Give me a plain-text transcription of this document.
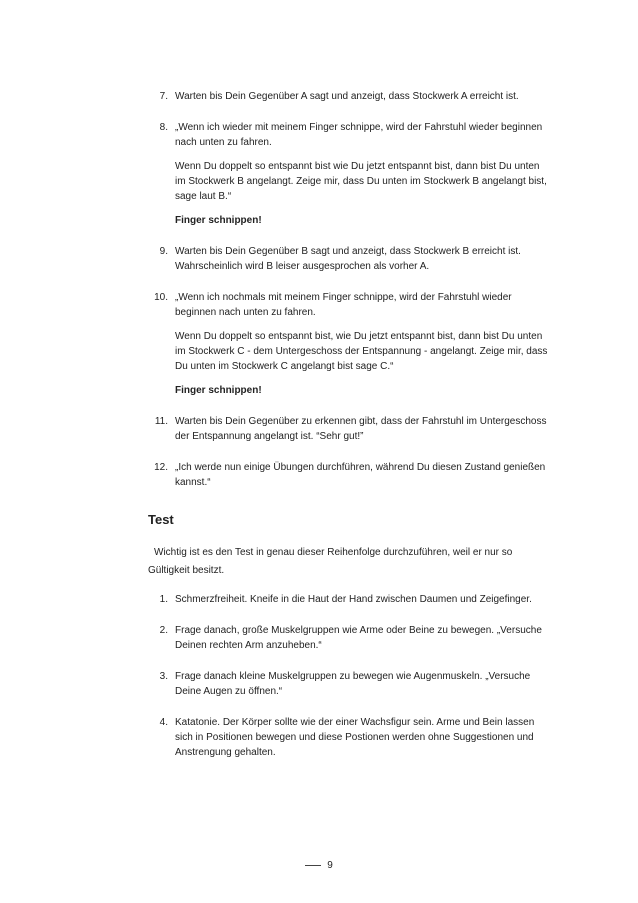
7. Warten bis Dein Gegenüber A sagt und anzeigt, dass Stockwerk A erreicht ist.

8. „Wenn ich wieder mit meinem Finger schnippe, wird der Fahrstuhl wieder beginnen nach unten zu fahren.

Wenn Du doppelt so entspannt bist wie Du jetzt entspannt bist, dann bist Du unten im Stockwerk B angelangt. Zeige mir, dass Du unten im Stockwerk B angelangt bist, sage laut B.“

Finger schnippen!

9. Warten bis Dein Gegenüber B sagt und anzeigt, dass Stockwerk B erreicht ist. Wahrscheinlich wird B leiser ausgesprochen als vorher A.

10. „Wenn ich nochmals mit meinem Finger schnippe, wird der Fahrstuhl wieder beginnen nach unten zu fahren.

Wenn Du doppelt so entspannt bist, wie Du jetzt entspannt bist, dann bist Du unten im Stockwerk C - dem Untergeschoss der Entspannung - angelangt. Zeige mir, dass Du unten im Stockwerk C angelangt bist sage C.“

Finger schnippen!

11. Warten bis Dein Gegenüber zu erkennen gibt, dass der Fahrstuhl im Untergeschoss der Entspannung angelangt ist. “Sehr gut!”

12. „Ich werde nun einige Übungen durchführen, während Du diesen Zustand genießen kannst.“

Test

Wichtig ist es den Test in genau dieser Reihenfolge durchzuführen, weil er nur so Gültigkeit besitzt.

1. Schmerzfreiheit. Kneife in die Haut der Hand zwischen Daumen und Zeigefinger.

2. Frage danach, große Muskelgruppen wie Arme oder Beine zu bewegen. „Versuche Deinen rechten Arm anzuheben.“

3. Frage danach kleine Muskelgruppen zu bewegen wie Augenmuskeln. „Versuche Deine Augen zu öffnen.“

4. Katatonie. Der Körper sollte wie der einer Wachsfigur sein. Arme und Bein lassen sich in Positionen bewegen und diese Postionen werden ohne Suggestionen und Anstrengung gehalten.

9
